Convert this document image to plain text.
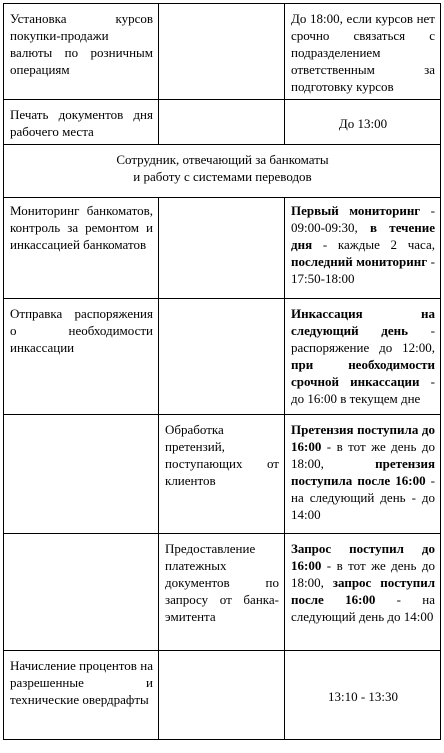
Установка курсов покупки-продажи валюты по розничным операциям		До 18:00, если курсов нет срочно связаться с подразделением ответственным за подготовку курсов
Печать документов дня рабочего места		До 13:00

Сотрудник, отвечающий за банкоматы
и работу с системами переводов		

Мониторинг банкоматов, контроль за ремонтом и инкассацией банкоматов		Первый мониторинг - 09:00-09:30, в течение дня - каждые 2 часа, последний мониторинг - 17:50-18:00
Отправка распоряжения о необходимости инкассации		Инкассация на следующий день - распоряжение до 12:00, при необходимости срочной инкассации - до 16:00 в текущем дне
	Обработка претензий, поступающих от клиентов	Претензия поступила до 16:00 - в тот же день до 18:00, претензия поступила после 16:00 - на следующий день - до 14:00
	Предоставление платежных документов по запросу от банка-эмитента	Запрос поступил до 16:00 - в тот же день до 18:00, запрос поступил после 16:00 - на следующий день до 14:00
Начисление процентов на разрешенные и технические овердрафты		13:10 - 13:30
